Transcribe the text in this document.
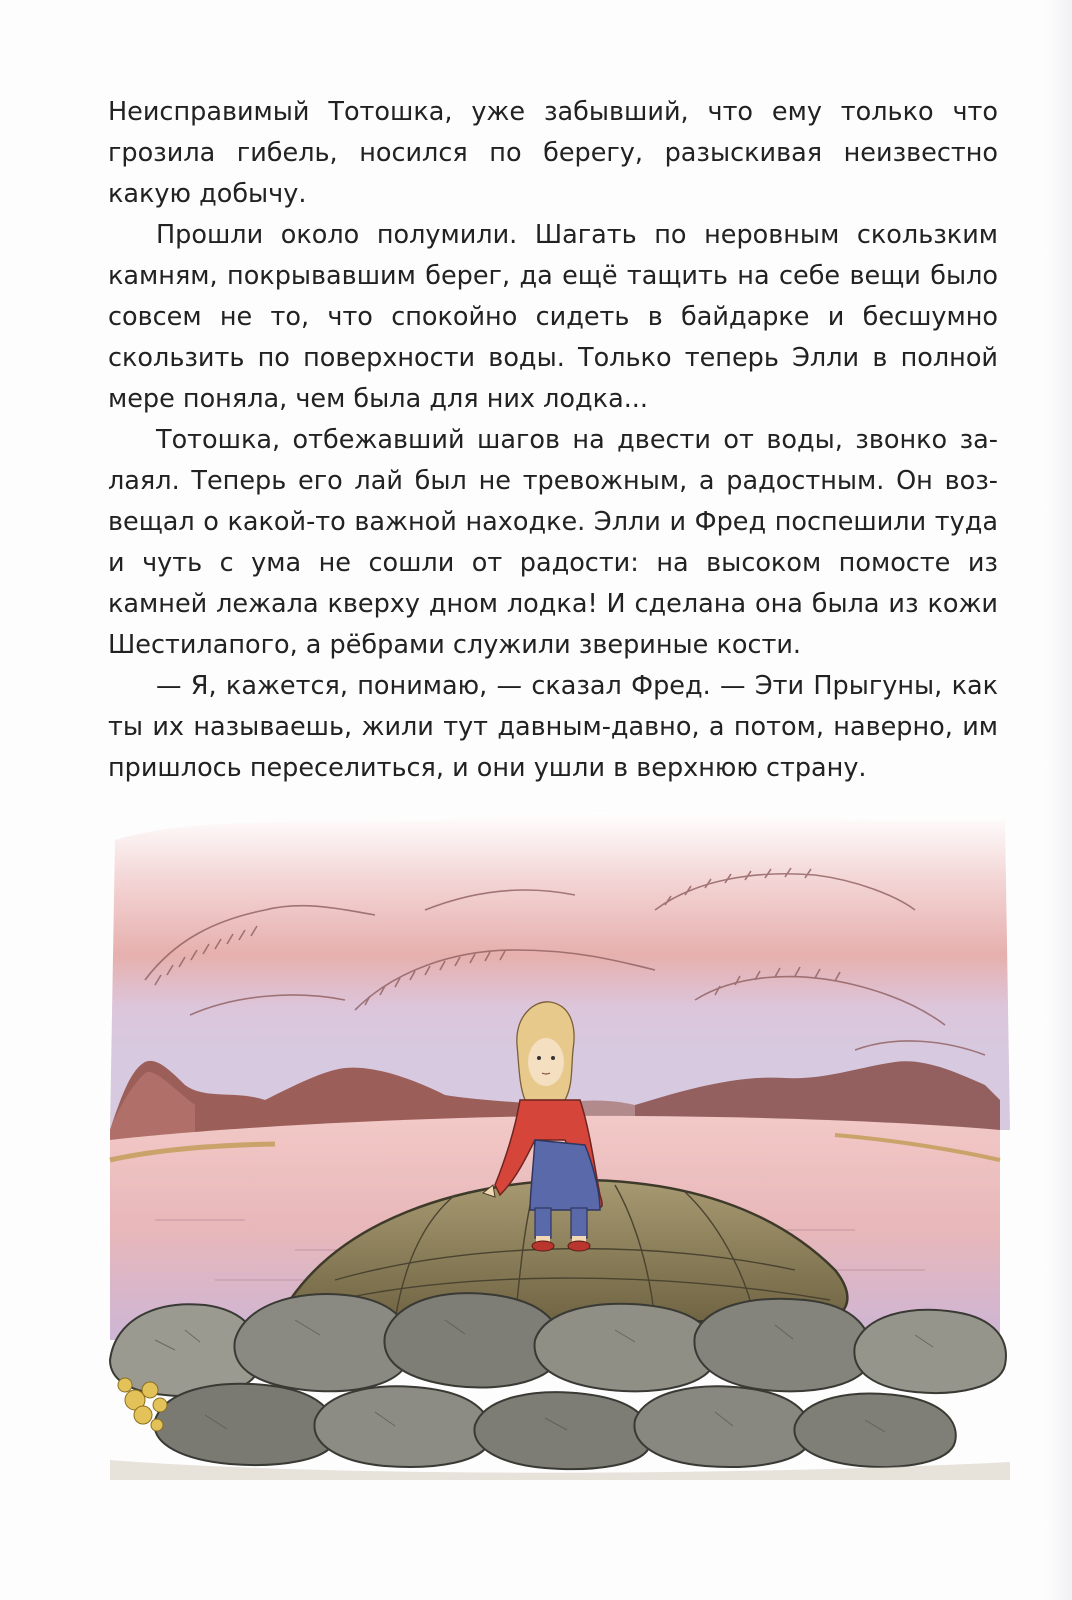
Неисправимый Тотошка, уже забывший, что ему только что грозила гибель, носился по берегу, разыскивая неизвестно какую добычу.

Прошли около полумили. Шагать по неровным скользким камням, покрывавшим берег, да ещё тащить на себе вещи было совсем не то, что спокойно сидеть в байдарке и бесшумно скользить по поверхности воды. Только теперь Элли в полной мере поняла, чем была для них лодка...

Тотошка, отбежавший шагов на двести от воды, звонко залаял. Теперь его лай был не тревожным, а радостным. Он возвещал о какой-то важной находке. Элли и Фред поспешили туда и чуть с ума не сошли от радости: на высоком помосте из камней лежала кверху дном лодка! И сделана она была из кожи Шестилапого, а рёбрами служили звериные кости.

— Я, кажется, понимаю, — сказал Фред. — Эти Прыгуны, как ты их называешь, жили тут давным-давно, а потом, наверно, им пришлось переселиться, и они ушли в верхнюю страну.
